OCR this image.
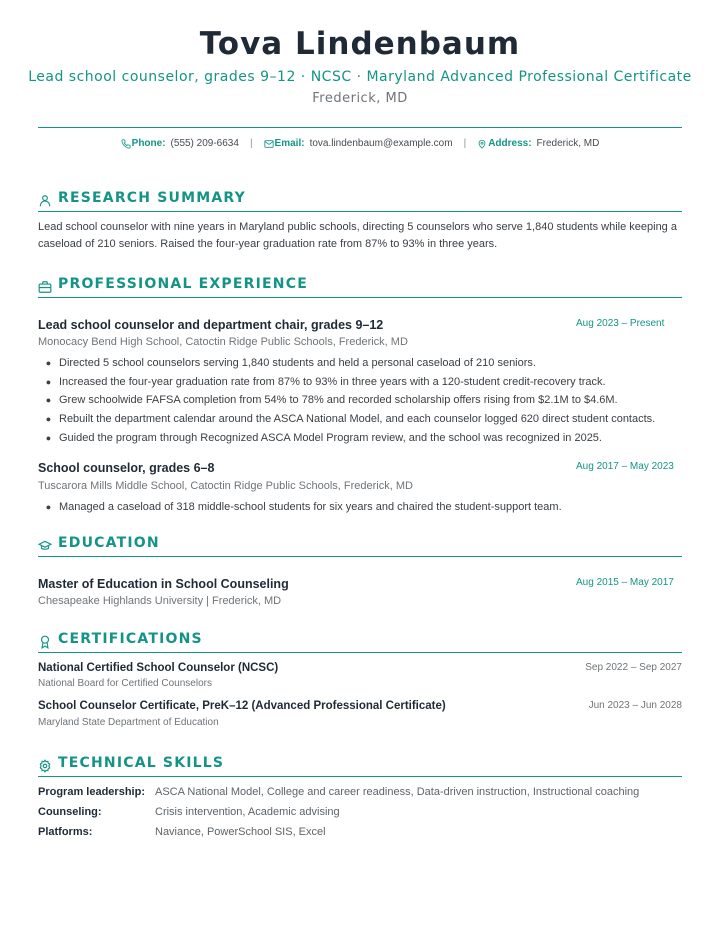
Tova Lindenbaum
Lead school counselor, grades 9–12 · NCSC · Maryland Advanced Professional Certificate
Frederick, MD
Phone: (555) 209-6634 | Email: tova.lindenbaum@example.com | Address: Frederick, MD
RESEARCH SUMMARY
Lead school counselor with nine years in Maryland public schools, directing 5 counselors who serve 1,840 students while keeping a caseload of 210 seniors. Raised the four-year graduation rate from 87% to 93% in three years.
PROFESSIONAL EXPERIENCE
Lead school counselor and department chair, grades 9–12	Aug 2023 – Present
Monocacy Bend High School, Catoctin Ridge Public Schools, Frederick, MD
● Directed 5 school counselors serving 1,840 students and held a personal caseload of 210 seniors.
● Increased the four-year graduation rate from 87% to 93% in three years with a 120-student credit-recovery track.
● Grew schoolwide FAFSA completion from 54% to 78% and recorded scholarship offers rising from $2.1M to $4.6M.
● Rebuilt the department calendar around the ASCA National Model, and each counselor logged 620 direct student contacts.
● Guided the program through Recognized ASCA Model Program review, and the school was recognized in 2025.
School counselor, grades 6–8	Aug 2017 – May 2023
Tuscarora Mills Middle School, Catoctin Ridge Public Schools, Frederick, MD
● Managed a caseload of 318 middle-school students for six years and chaired the student-support team.
EDUCATION
Master of Education in School Counseling	Aug 2015 – May 2017
Chesapeake Highlands University | Frederick, MD
CERTIFICATIONS
National Certified School Counselor (NCSC)	Sep 2022 – Sep 2027
National Board for Certified Counselors
School Counselor Certificate, PreK–12 (Advanced Professional Certificate)	Jun 2023 – Jun 2028
Maryland State Department of Education
TECHNICAL SKILLS
Program leadership: ASCA National Model, College and career readiness, Data-driven instruction, Instructional coaching
Counseling:	Crisis intervention, Academic advising
Platforms:	Naviance, PowerSchool SIS, Excel
